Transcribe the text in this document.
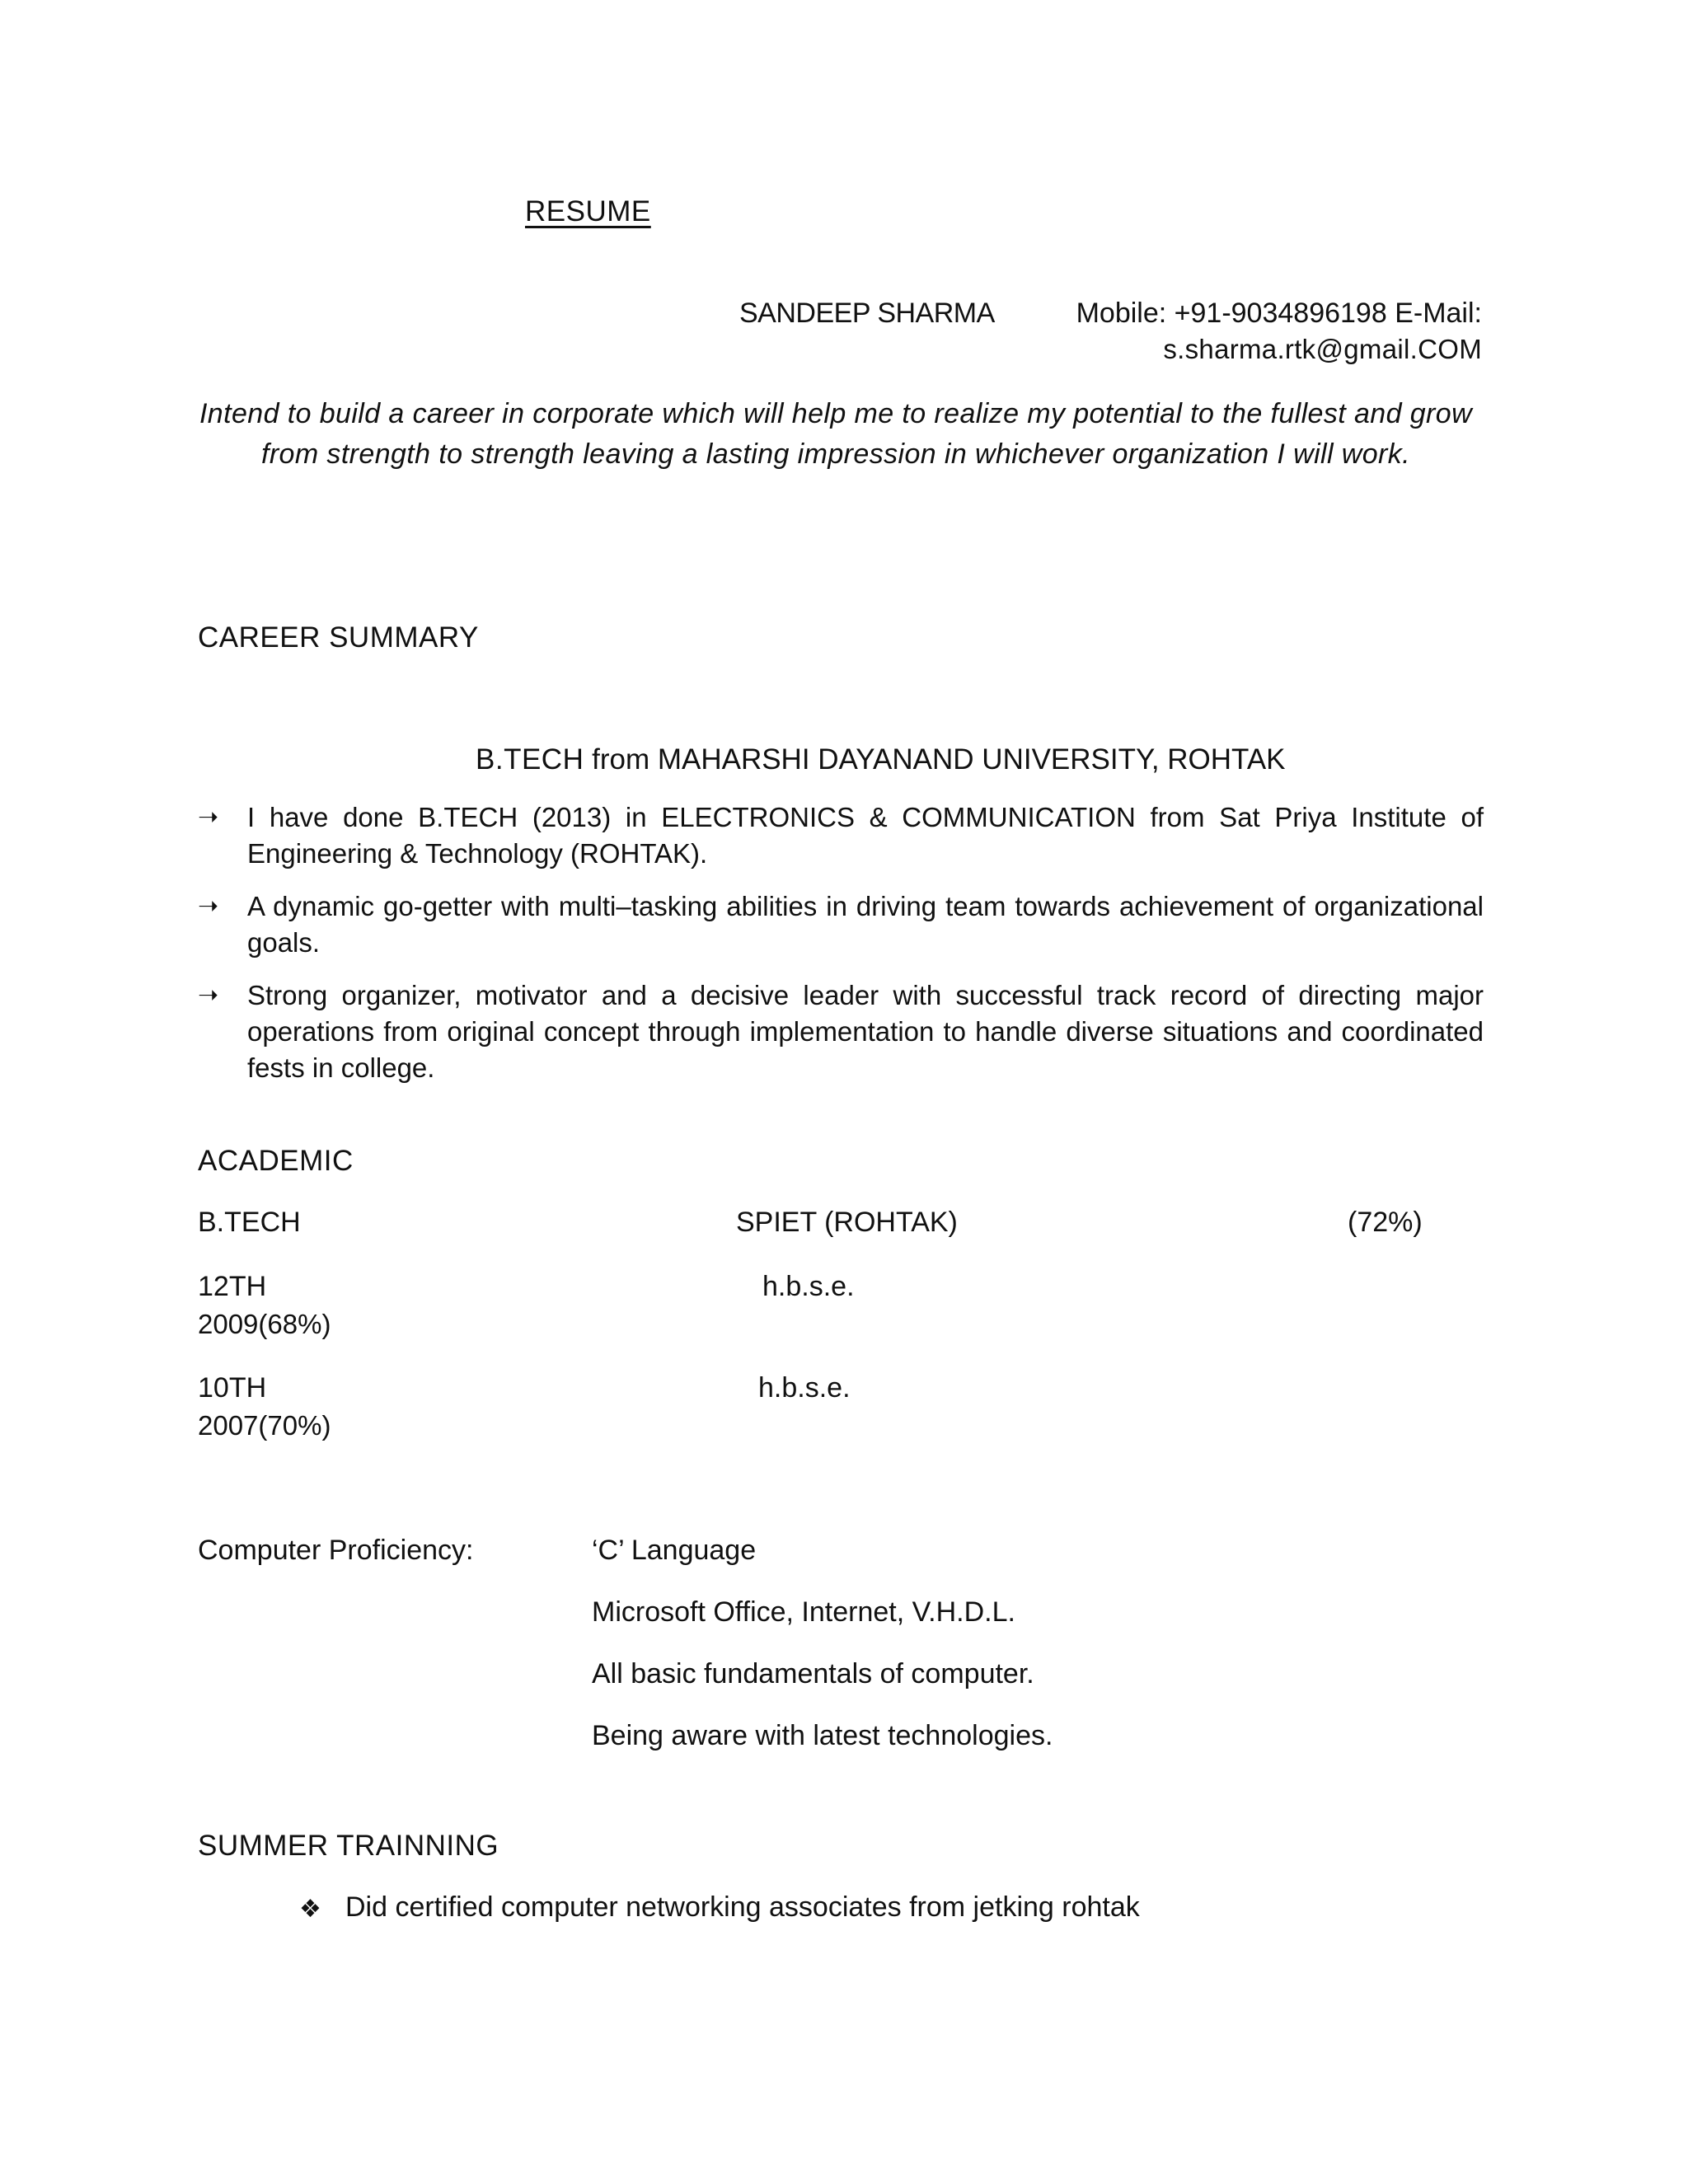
RESUME
SANDEEP SHARMA	Mobile: +91-9034896198 E-Mail:
s.sharma.rtk@gmail.COM
Intend to build a career in corporate which will help me to realize my potential to the fullest and grow from strength to strength leaving a lasting impression in whichever organization I will work.
CAREER SUMMARY
B.TECH from MAHARSHI DAYANAND UNIVERSITY, ROHTAK
➝ I have done B.TECH (2013) in ELECTRONICS & COMMUNICATION from Sat Priya Institute of Engineering & Technology (ROHTAK).
➝ A dynamic go-getter with multi–tasking abilities in driving team towards achievement of organizational goals.
➝ Strong organizer, motivator and a decisive leader with successful track record of directing major operations from original concept through implementation to handle diverse situations and coordinated fests in college.
ACADEMIC
B.TECH	SPIET (ROHTAK)	(72%)
12TH	h.b.s.e.
2009(68%)
10TH	h.b.s.e.
2007(70%)
Computer Proficiency:	‘C’ Language
Microsoft Office, Internet, V.H.D.L.
All basic fundamentals of computer.
Being aware with latest technologies.
SUMMER TRAINNING
❖ Did certified computer networking associates from jetking rohtak
